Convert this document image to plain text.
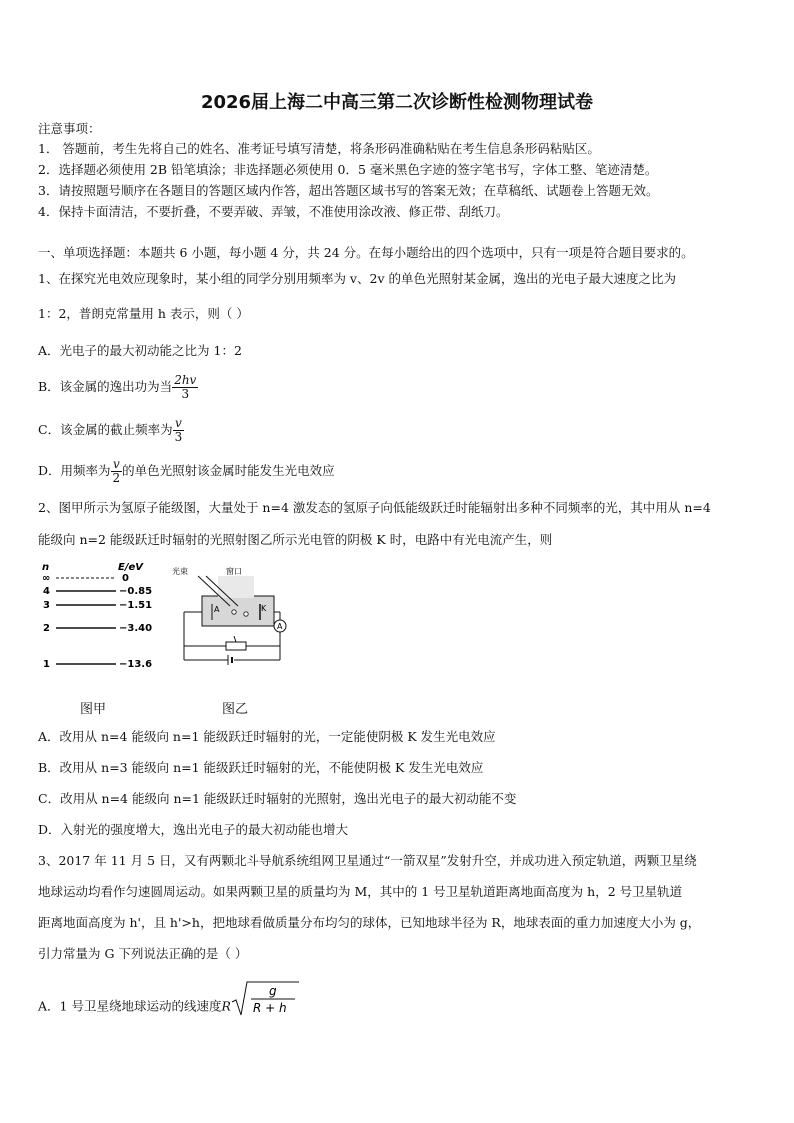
2026届上海二中高三第二次诊断性检测物理试卷
注意事项：
1． 答题前，考生先将自己的姓名、准考证号填写清楚，将条形码准确粘贴在考生信息条形码粘贴区。
2．选择题必须使用 2B 铅笔填涂；非选择题必须使用 0．5 毫米黑色字迹的签字笔书写，字体工整、笔迹清楚。
3．请按照题号顺序在各题目的答题区域内作答，超出答题区域书写的答案无效；在草稿纸、试题卷上答题无效。
4．保持卡面清洁，不要折叠，不要弄破、弄皱，不准使用涂改液、修正带、刮纸刀。
一、单项选择题：本题共 6 小题，每小题 4 分，共 24 分。在每小题给出的四个选项中，只有一项是符合题目要求的。
1、在探究光电效应现象时，某小组的同学分别用频率为 v、2v 的单色光照射某金属，逸出的光电子最大速度之比为
1：2，普朗克常量用 h 表示，则（ ）
A．光电子的最大初动能之比为 1：2
B．该金属的逸出功为当 $\frac{2hv}{3}$
C．该金属的截止频率为 $\frac{v}{3}$
D．用频率为 $\frac{v}{2}$ 的单色光照射该金属时能发生光电效应
2、图甲所示为氢原子能级图，大量处于 n=4 激发态的氢原子向低能级跃迁时能辐射出多种不同频率的光，其中用从 n=4
能级向 n=2 能级跃迁时辐射的光照射图乙所示光电管的阴极 K 时，电路中有光电流产生，则
n	E/eV
∞	0
4	−0.85
3	−1.51
2	−3.40
1	−13.6
光束	窗口
A	K
A
图甲	图乙
A．改用从 n=4 能级向 n=1 能级跃迁时辐射的光，一定能使阴极 K 发生光电效应
B．改用从 n=3 能级向 n=1 能级跃迁时辐射的光，不能使阴极 K 发生光电效应
C．改用从 n=4 能级向 n=1 能级跃迁时辐射的光照射，逸出光电子的最大初动能不变
D．入射光的强度增大，逸出光电子的最大初动能也增大
3、2017 年 11 月 5 日，又有两颗北斗导航系统组网卫星通过“一箭双星”发射升空，并成功进入预定轨道，两颗卫星绕
地球运动均看作匀速圆周运动。如果两颗卫星的质量均为 M，其中的 1 号卫星轨道距离地面高度为 h，2 号卫星轨道
距离地面高度为 h'，且 h'>h，把地球看做质量分布均匀的球体，已知地球半径为 R，地球表面的重力加速度大小为 g，
引力常量为 G 下列说法正确的是（ ）
A．1 号卫星绕地球运动的线速度R
g
R + h
